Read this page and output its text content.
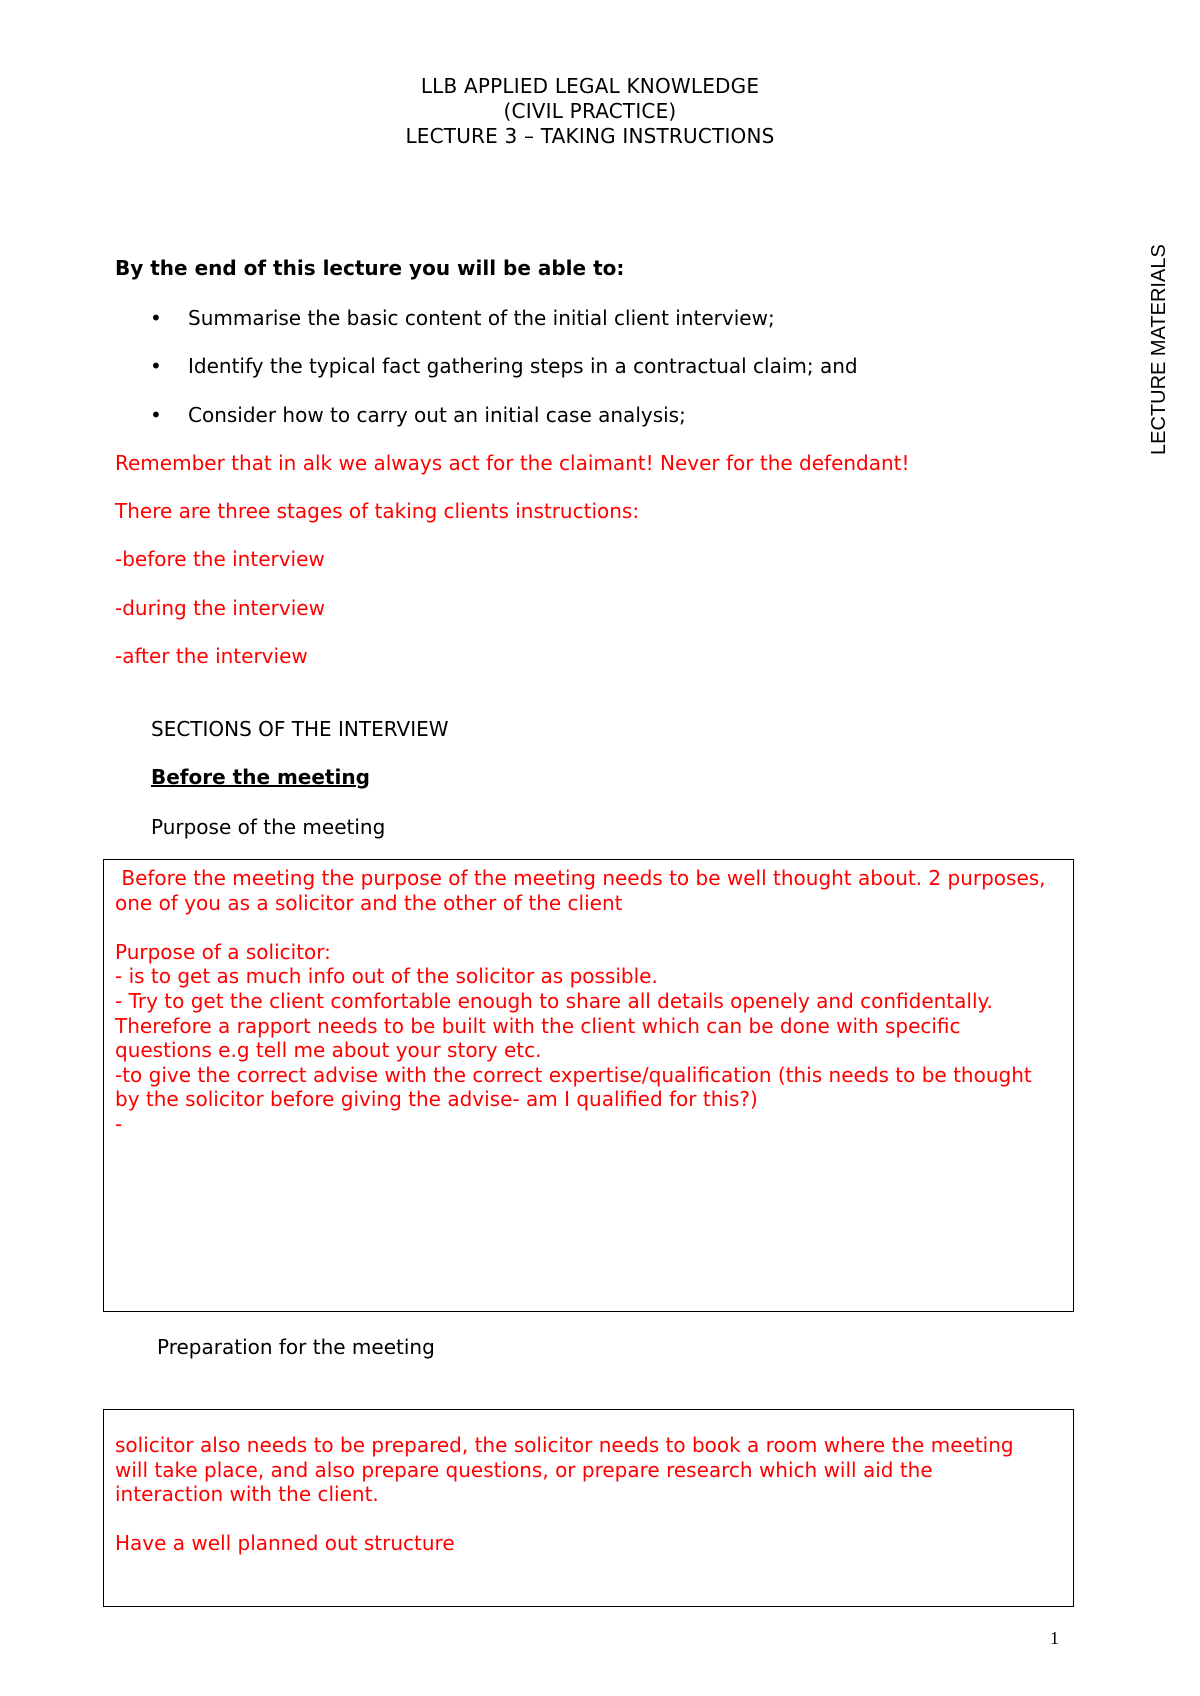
LLB APPLIED LEGAL KNOWLEDGE
(CIVIL PRACTICE)
LECTURE 3 – TAKING INSTRUCTIONS
LECTURE MATERIALS
By the end of this lecture you will be able to:
• Summarise the basic content of the initial client interview;
• Identify the typical fact gathering steps in a contractual claim; and
• Consider how to carry out an initial case analysis;
Remember that in alk we always act for the claimant! Never for the defendant!
There are three stages of taking clients instructions:
-before the interview
-during the interview
-after the interview
SECTIONS OF THE INTERVIEW
Before the meeting
Purpose of the meeting
Before the meeting the purpose of the meeting needs to be well thought about. 2 purposes,
one of you as a solicitor and the other of the client

Purpose of a solicitor:
- is to get as much info out of the solicitor as possible.
- Try to get the client comfortable enough to share all details openely and confidentally.
Therefore a rapport needs to be built with the client which can be done with specific
questions e.g tell me about your story etc.
-to give the correct advise with the correct expertise/qualification (this needs to be thought
by the solicitor before giving the advise- am I qualified for this?)
-
Preparation for the meeting
solicitor also needs to be prepared, the solicitor needs to book a room where the meeting
will take place, and also prepare questions, or prepare research which will aid the
interaction with the client.

Have a well planned out structure
1
